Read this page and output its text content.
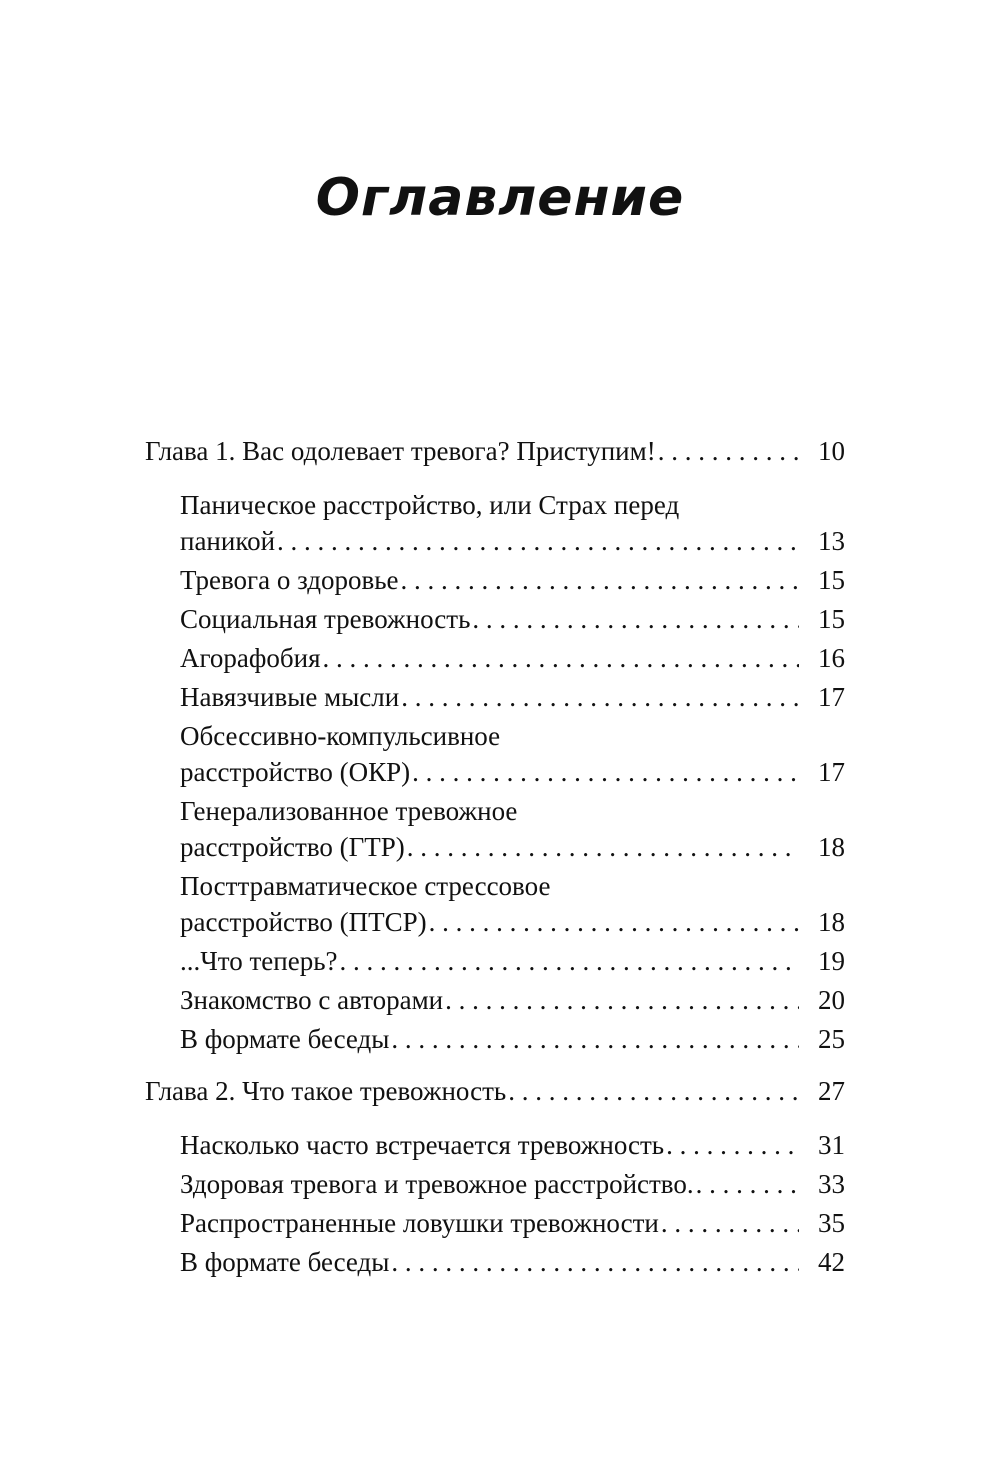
Оглавление
Глава 1. Вас одолевает тревога? Приступим! . . .	10
Паническое расстройство, или Страх перед
паникой . . .	13
Тревога о здоровье . . .	15
Социальная тревожность . . .	15
Агорафобия . . .	16
Навязчивые мысли . . .	17
Обсессивно-компульсивное
расстройство (ОКР) . . .	17
Генерализованное тревожное
расстройство (ГТР) . . .	18
Посттравматическое стрессовое
расстройство (ПТСР) . . .	18
...Что теперь? . . .	19
Знакомство с авторами . . .	20
В формате беседы . . .	25
Глава 2. Что такое тревожность . . .	27
Насколько часто встречается тревожность . . .	31
Здоровая тревога и тревожное расстройство. . . .	33
Распространенные ловушки тревожности . . .	35
В формате беседы . . .	42
